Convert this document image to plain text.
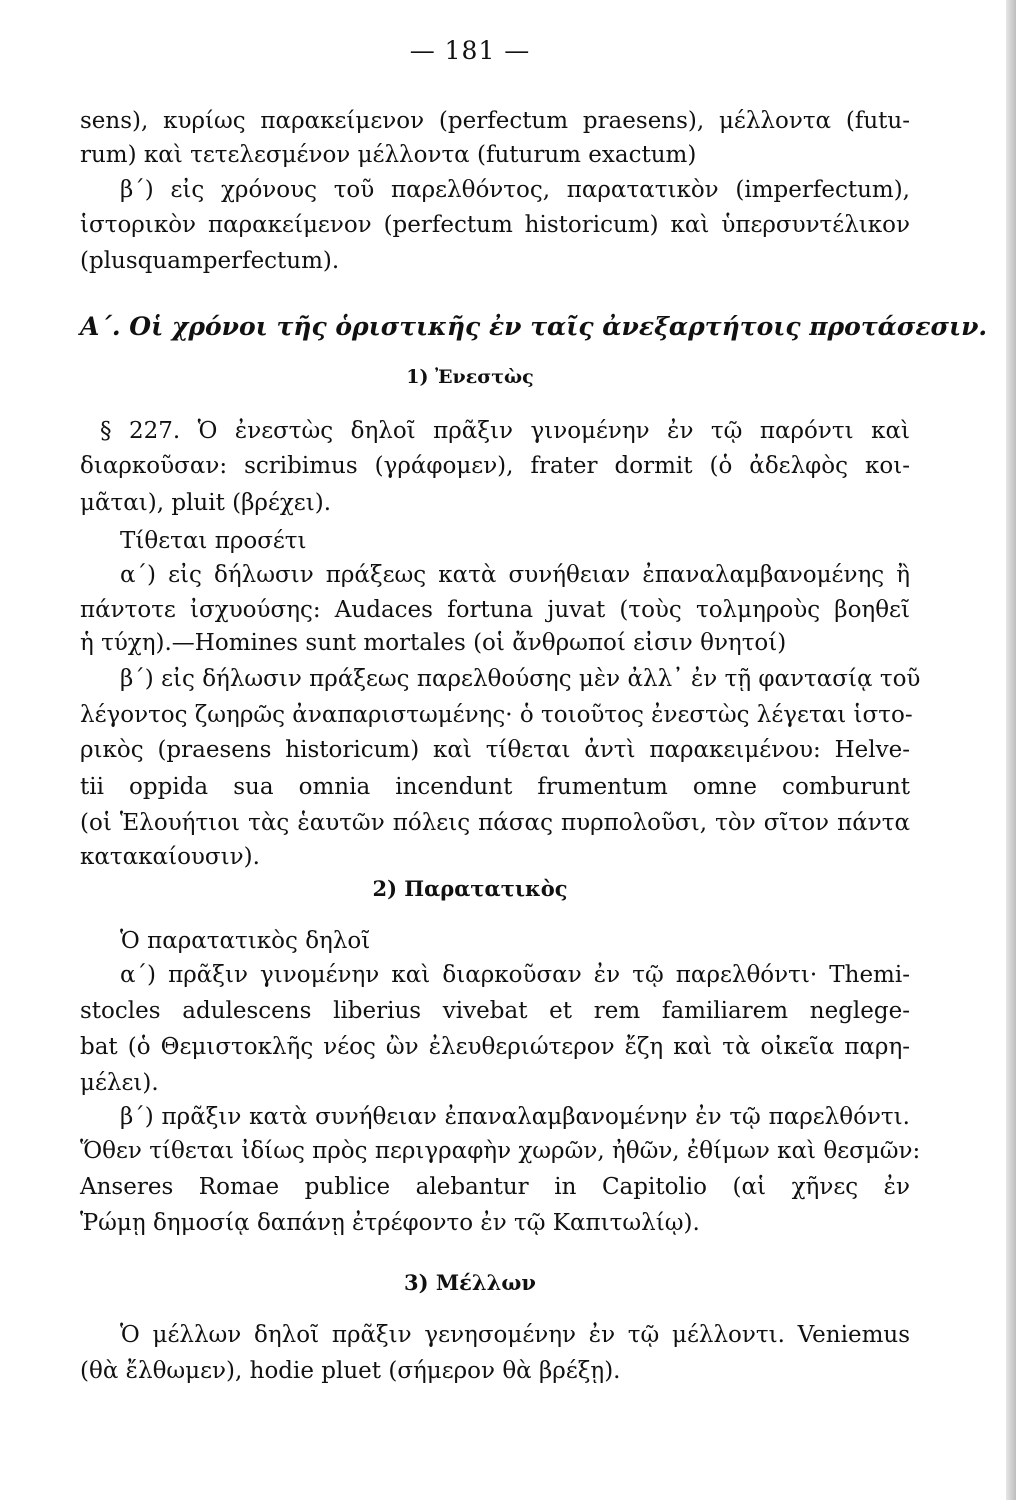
— 181 —
sens), κυρίως παρακείμενον (perfectum praesens), μέλλοντα (futu-
rum) καὶ τετελεσμένον μέλλοντα (futurum exactum)
β΄) εἰς χρόνους τοῦ παρελθόντος, παρατατικὸν (imperfectum),
ἱστορικὸν παρακείμενον (perfectum historicum) καὶ ὑπερσυντέλικον
(plusquamperfectum).
Α΄. Οἱ χρόνοι τῆς ὁριστικῆς ἐν ταῖς ἀνεξαρτήτοις προτάσεσιν.
1) Ἐνεστὼς
§ 227. Ὁ ἐνεστὼς δηλοῖ πρᾶξιν γινομένην ἐν τῷ παρόντι καὶ
διαρκοῦσαν: scribimus (γράφομεν), frater dormit (ὁ ἀδελφὸς κοι-
μᾶται), pluit (βρέχει).
Τίθεται προσέτι
α΄) εἰς δήλωσιν πράξεως κατὰ συνήθειαν ἐπαναλαμβανομένης ἢ
πάντοτε ἰσχυούσης: Audaces fortuna juvat (τοὺς τολμηροὺς βοηθεῖ
ἡ τύχη).—Homines sunt mortales (οἱ ἄνθρωποί εἰσιν θνητοί)
β΄) εἰς δήλωσιν πράξεως παρελθούσης μὲν ἀλλ᾽ ἐν τῇ φαντασίᾳ τοῦ
λέγοντος ζωηρῶς ἀναπαριστωμένης· ὁ τοιοῦτος ἐνεστὼς λέγεται ἱστο-
ρικὸς (praesens historicum) καὶ τίθεται ἀντὶ παρακειμένου: Helve-
tii oppida sua omnia incendunt frumentum omne comburunt
(οἱ Ἑλουήτιοι τὰς ἑαυτῶν πόλεις πάσας πυρπολοῦσι, τὸν σῖτον πάντα
κατακαίουσιν).
2) Παρατατικὸς
Ὁ παρατατικὸς δηλοῖ
α΄) πρᾶξιν γινομένην καὶ διαρκοῦσαν ἐν τῷ παρελθόντι· Themi-
stocles adulescens liberius vivebat et rem familiarem neglege-
bat (ὁ Θεμιστοκλῆς νέος ὢν ἐλευθεριώτερον ἔζη καὶ τὰ οἰκεῖα παρη-
μέλει).
β΄) πρᾶξιν κατὰ συνήθειαν ἐπαναλαμβανομένην ἐν τῷ παρελθόντι.
Ὅθεν τίθεται ἰδίως πρὸς περιγραφὴν χωρῶν, ἠθῶν, ἐθίμων καὶ θεσμῶν:
Anseres Romae publice alebantur in Capitolio (αἱ χῆνες ἐν
Ῥώμῃ δημοσίᾳ δαπάνῃ ἐτρέφοντο ἐν τῷ Καπιτωλίῳ).
3) Μέλλων
Ὁ μέλλων δηλοῖ πρᾶξιν γενησομένην ἐν τῷ μέλλοντι. Veniemus
(θὰ ἔλθωμεν), hodie pluet (σήμερον θὰ βρέξῃ).
